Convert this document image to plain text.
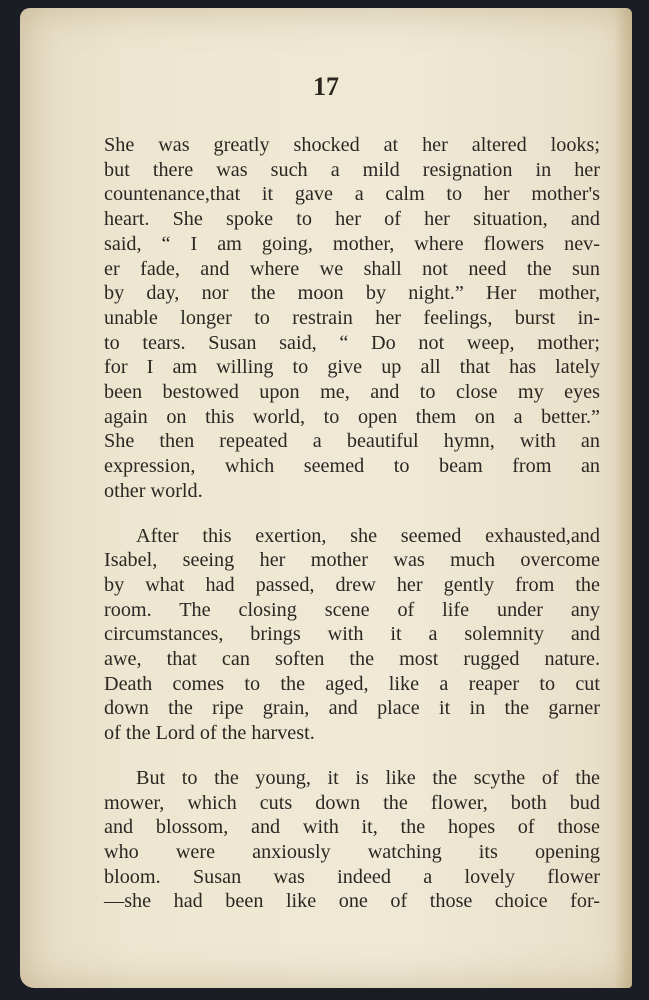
17
She was greatly shocked at her altered looks;
but there was such a mild resignation in her
countenance,that it gave a calm to her mother's
heart. She spoke to her of her situation, and
said, “ I am going, mother, where flowers nev-
er fade, and where we shall not need the sun
by day, nor the moon by night.” Her mother,
unable longer to restrain her feelings, burst in-
to tears. Susan said, “ Do not weep, mother;
for I am willing to give up all that has lately
been bestowed upon me, and to close my eyes
again on this world, to open them on a better.”
She then repeated a beautiful hymn, with an
expression, which seemed to beam from an
other world.
After this exertion, she seemed exhausted,and
Isabel, seeing her mother was much overcome
by what had passed, drew her gently from the
room. The closing scene of life under any
circumstances, brings with it a solemnity and
awe, that can soften the most rugged nature.
Death comes to the aged, like a reaper to cut
down the ripe grain, and place it in the garner
of the Lord of the harvest.
But to the young, it is like the scythe of the
mower, which cuts down the flower, both bud
and blossom, and with it, the hopes of those
who were anxiously watching its opening
bloom. Susan was indeed a lovely flower
—she had been like one of those choice for-
